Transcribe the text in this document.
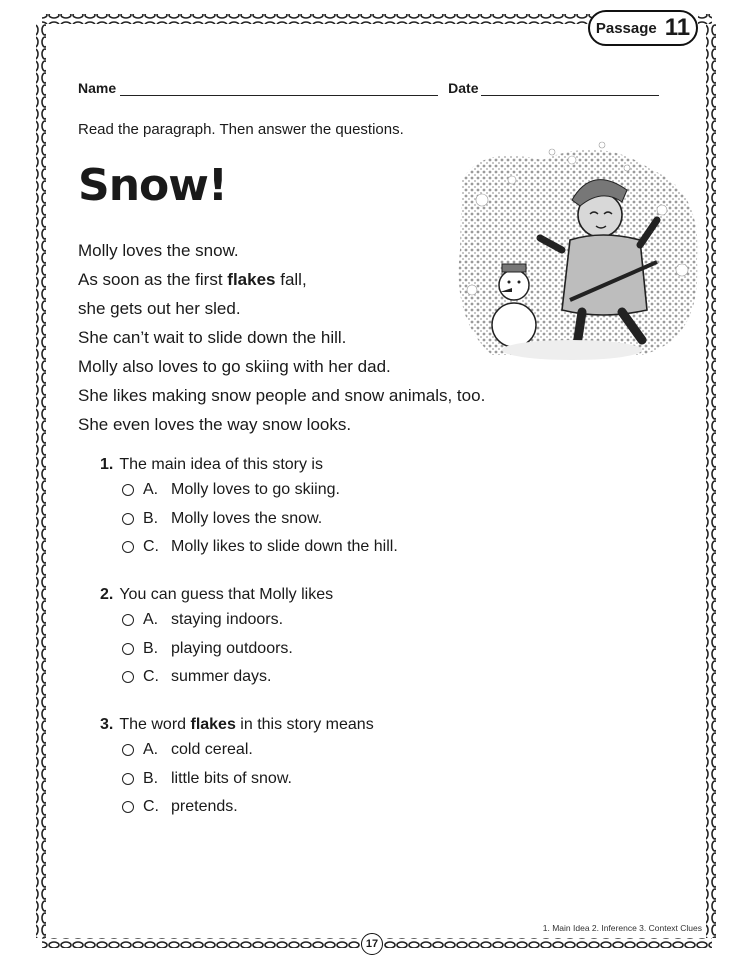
Passage 11
Name	Date
Read the paragraph. Then answer the questions.
Snow!
Molly loves the snow.
As soon as the first flakes fall,
she gets out her sled.
She can’t wait to slide down the hill.
Molly also loves to go skiing with her dad.
She likes making snow people and snow animals, too.
She even loves the way snow looks.
1. The main idea of this story is
A. Molly loves to go skiing.
B. Molly loves the snow.
C. Molly likes to slide down the hill.
2. You can guess that Molly likes
A. staying indoors.
B. playing outdoors.
C. summer days.
3. The word flakes in this story means
A. cold cereal.
B. little bits of snow.
C. pretends.
1. Main Idea 2. Inference 3. Context Clues
17
